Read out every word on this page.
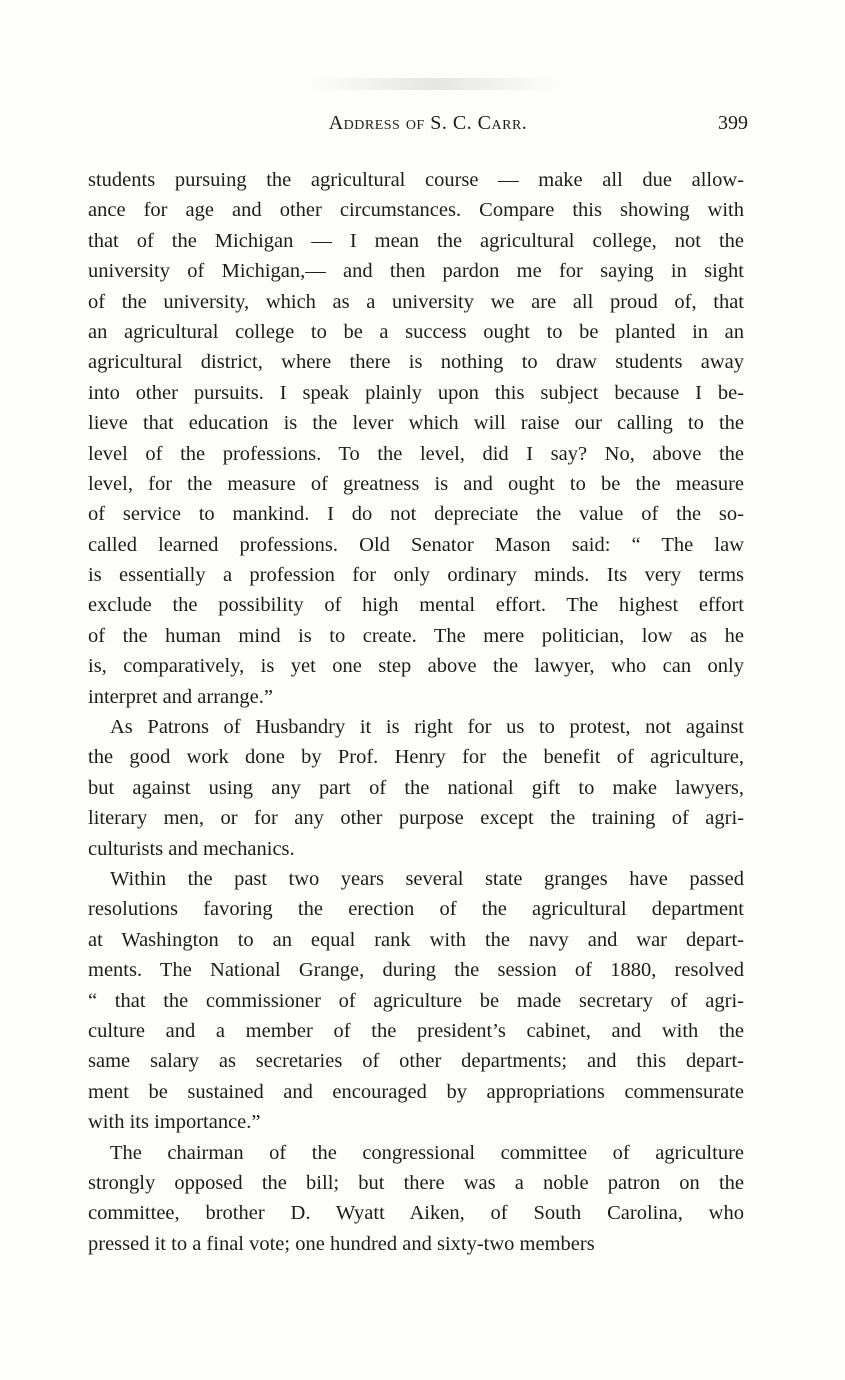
Address of S. C. Carr.	399
students pursuing the agricultural course — make all due allow-
ance for age and other circumstances. Compare this showing with
that of the Michigan — I mean the agricultural college, not the
university of Michigan,— and then pardon me for saying in sight
of the university, which as a university we are all proud of, that
an agricultural college to be a success ought to be planted in an
agricultural district, where there is nothing to draw students away
into other pursuits. I speak plainly upon this subject because I be-
lieve that education is the lever which will raise our calling to the
level of the professions. To the level, did I say? No, above the
level, for the measure of greatness is and ought to be the measure
of service to mankind. I do not depreciate the value of the so-
called learned professions. Old Senator Mason said: “ The law
is essentially a profession for only ordinary minds. Its very terms
exclude the possibility of high mental effort. The highest effort
of the human mind is to create. The mere politician, low as he
is, comparatively, is yet one step above the lawyer, who can only
interpret and arrange.”
As Patrons of Husbandry it is right for us to protest, not against
the good work done by Prof. Henry for the benefit of agriculture,
but against using any part of the national gift to make lawyers,
literary men, or for any other purpose except the training of agri-
culturists and mechanics.
Within the past two years several state granges have passed
resolutions favoring the erection of the agricultural department
at Washington to an equal rank with the navy and war depart-
ments. The National Grange, during the session of 1880, resolved
“ that the commissioner of agriculture be made secretary of agri-
culture and a member of the president’s cabinet, and with the
same salary as secretaries of other departments; and this depart-
ment be sustained and encouraged by appropriations commensurate
with its importance.”
The chairman of the congressional committee of agriculture
strongly opposed the bill; but there was a noble patron on the
committee, brother D. Wyatt Aiken, of South Carolina, who
pressed it to a final vote; one hundred and sixty-two members
